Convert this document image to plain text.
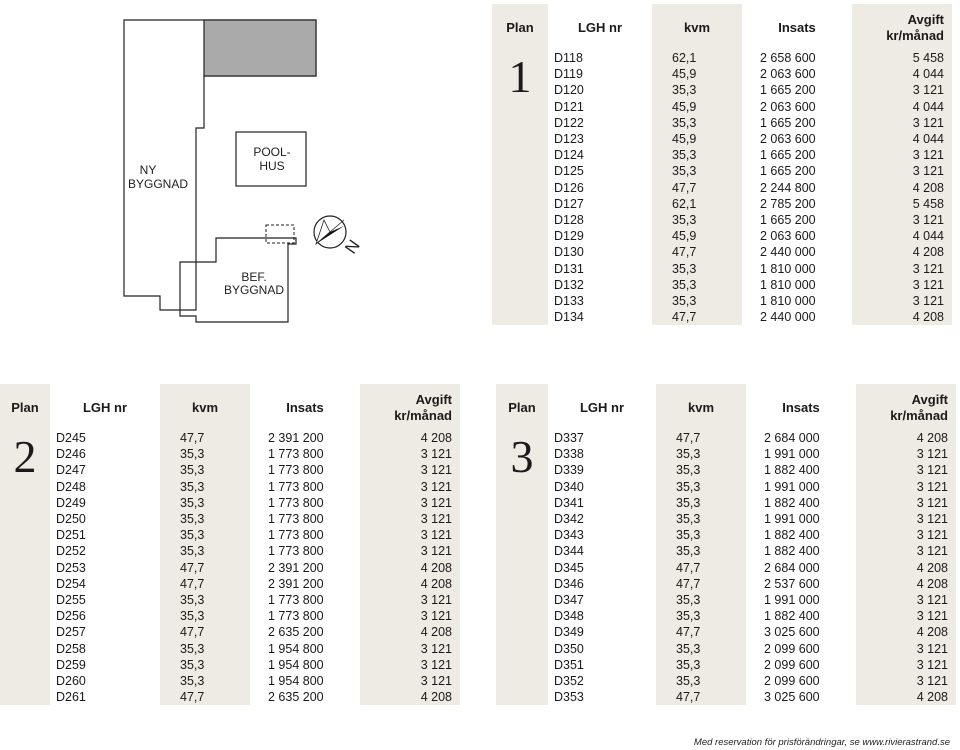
NY
BYGGNAD
POOL-
HUS
BEF.
BYGGNAD
N
Plan	LGH nr	kvm	Insats	Avgift
kr/månad

1	D118	62,1	2 658 600	5 458
	D119	45,9	2 063 600	4 044
	D120	35,3	1 665 200	3 121
	D121	45,9	2 063 600	4 044
	D122	35,3	1 665 200	3 121
	D123	45,9	2 063 600	4 044
	D124	35,3	1 665 200	3 121
	D125	35,3	1 665 200	3 121
	D126	47,7	2 244 800	4 208
	D127	62,1	2 785 200	5 458
	D128	35,3	1 665 200	3 121
	D129	45,9	2 063 600	4 044
	D130	47,7	2 440 000	4 208
	D131	35,3	1 810 000	3 121
	D132	35,3	1 810 000	3 121
	D133	35,3	1 810 000	3 121
	D134	47,7	2 440 000	4 208
Plan	LGH nr	kvm	Insats	Avgift
kr/månad

2	D245	47,7	2 391 200	4 208
	D246	35,3	1 773 800	3 121
	D247	35,3	1 773 800	3 121
	D248	35,3	1 773 800	3 121
	D249	35,3	1 773 800	3 121
	D250	35,3	1 773 800	3 121
	D251	35,3	1 773 800	3 121
	D252	35,3	1 773 800	3 121
	D253	47,7	2 391 200	4 208
	D254	47,7	2 391 200	4 208
	D255	35,3	1 773 800	3 121
	D256	35,3	1 773 800	3 121
	D257	47,7	2 635 200	4 208
	D258	35,3	1 954 800	3 121
	D259	35,3	1 954 800	3 121
	D260	35,3	1 954 800	3 121
	D261	47,7	2 635 200	4 208
Plan	LGH nr	kvm	Insats	Avgift
kr/månad

3	D337	47,7	2 684 000	4 208
	D338	35,3	1 991 000	3 121
	D339	35,3	1 882 400	3 121
	D340	35,3	1 991 000	3 121
	D341	35,3	1 882 400	3 121
	D342	35,3	1 991 000	3 121
	D343	35,3	1 882 400	3 121
	D344	35,3	1 882 400	3 121
	D345	47,7	2 684 000	4 208
	D346	47,7	2 537 600	4 208
	D347	35,3	1 991 000	3 121
	D348	35,3	1 882 400	3 121
	D349	47,7	3 025 600	4 208
	D350	35,3	2 099 600	3 121
	D351	35,3	2 099 600	3 121
	D352	35,3	2 099 600	3 121
	D353	47,7	3 025 600	4 208
Med reservation för prisförändringar, se www.rivierastrand.se
